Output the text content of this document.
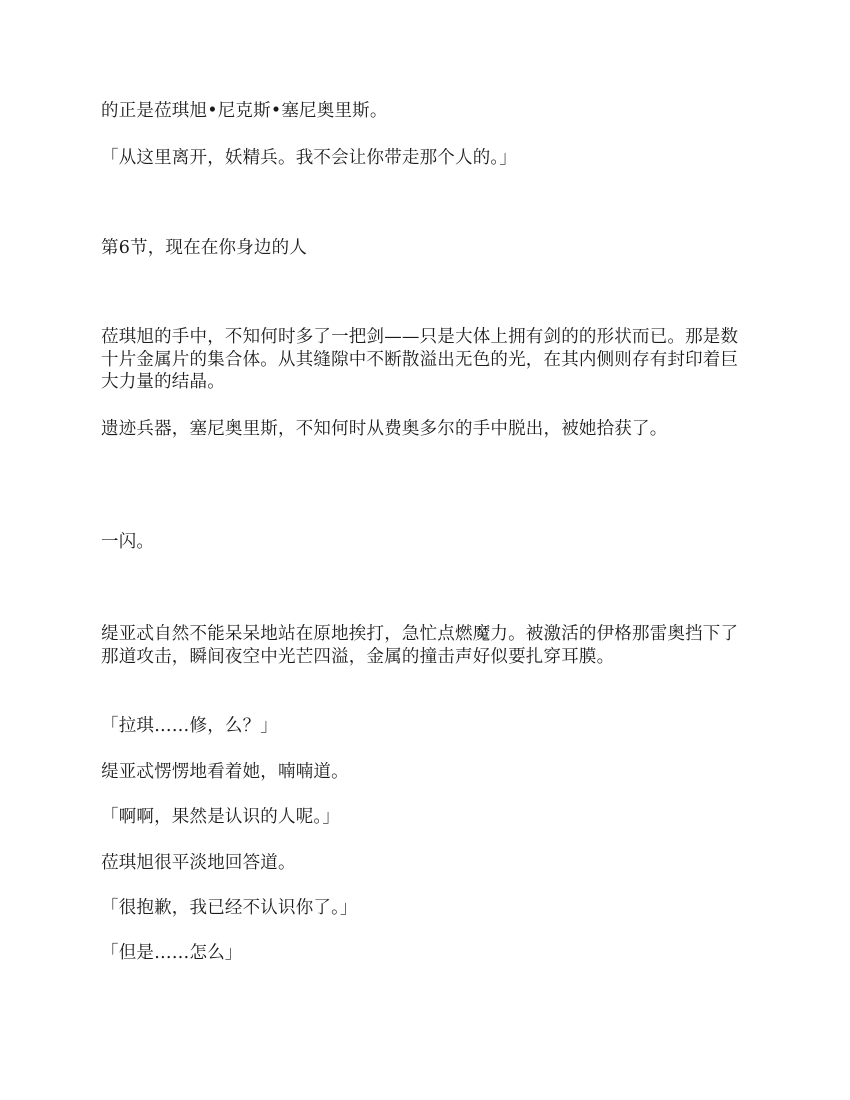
的正是莅琪旭•尼克斯•塞尼奥里斯。

「从这里离开，妖精兵。我不会让你带走那个人的。」

第6节，现在在你身边的人

莅琪旭的手中，不知何时多了一把剑——只是大体上拥有剑的的形状而已。那是数十片金属片的集合体。从其缝隙中不断散溢出无色的光，在其内侧则存有封印着巨大力量的结晶。

遗迹兵器，塞尼奥里斯，不知何时从费奥多尔的手中脱出，被她拾获了。

一闪。

缇亚忒自然不能呆呆地站在原地挨打，急忙点燃魔力。被激活的伊格那雷奥挡下了那道攻击，瞬间夜空中光芒四溢，金属的撞击声好似要扎穿耳膜。

「拉琪……修，么？」

缇亚忒愣愣地看着她，喃喃道。

「啊啊，果然是认识的人呢。」

莅琪旭很平淡地回答道。

「很抱歉，我已经不认识你了。」

「但是……怎么」
